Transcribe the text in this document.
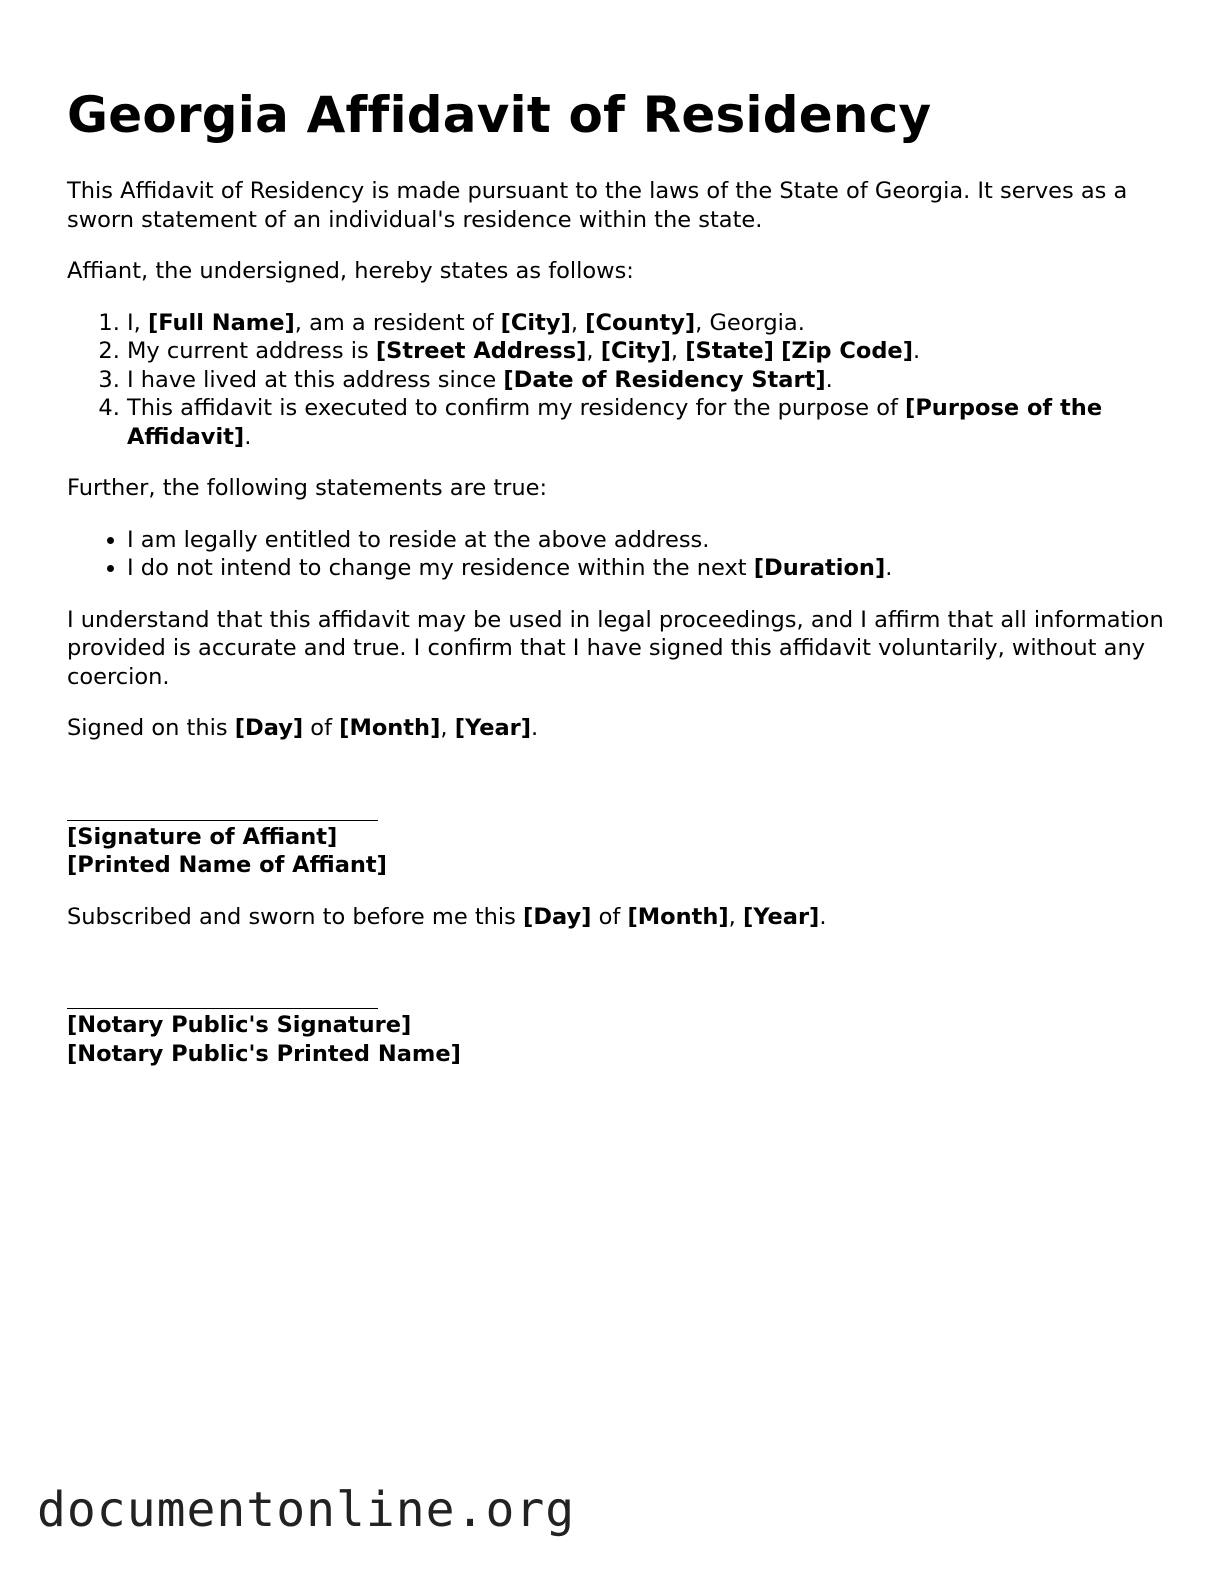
Georgia Affidavit of Residency

This Affidavit of Residency is made pursuant to the laws of the State of Georgia. It serves as a sworn statement of an individual's residence within the state.

Affiant, the undersigned, hereby states as follows:

1. I, [Full Name], am a resident of [City], [County], Georgia.
2. My current address is [Street Address], [City], [State] [Zip Code].
3. I have lived at this address since [Date of Residency Start].
4. This affidavit is executed to confirm my residency for the purpose of [Purpose of the Affidavit].

Further, the following statements are true:

• I am legally entitled to reside at the above address.
• I do not intend to change my residence within the next [Duration].

I understand that this affidavit may be used in legal proceedings, and I affirm that all information provided is accurate and true. I confirm that I have signed this affidavit voluntarily, without any coercion.

Signed on this [Day] of [Month], [Year].

[Signature of Affiant]
[Printed Name of Affiant]

Subscribed and sworn to before me this [Day] of [Month], [Year].

[Notary Public's Signature]
[Notary Public's Printed Name]
documentonline.org
